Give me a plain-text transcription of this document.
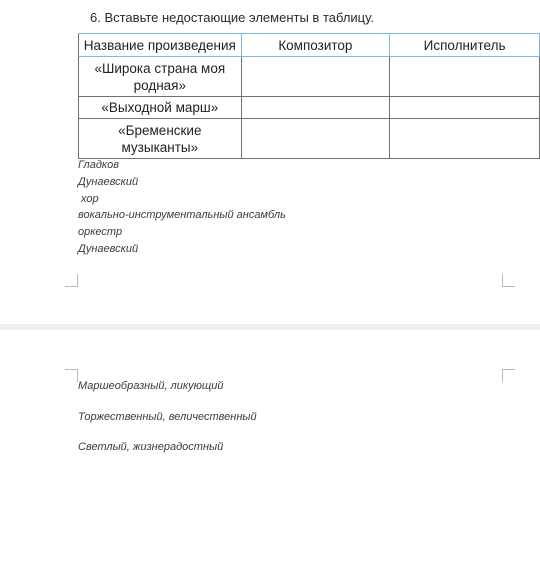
6. Вставьте недостающие элементы в таблицу.
Название произведения	Композитор	Исполнитель
«Широка страна моя родная»		
«Выходной марш»		
«Бременские музыканты»		
Гладков
Дунаевский
хор
вокально-инструментальный ансамбль
оркестр
Дунаевский
Маршеобразный, ликующий
Торжественный, величественный
Светлый, жизнерадостный
